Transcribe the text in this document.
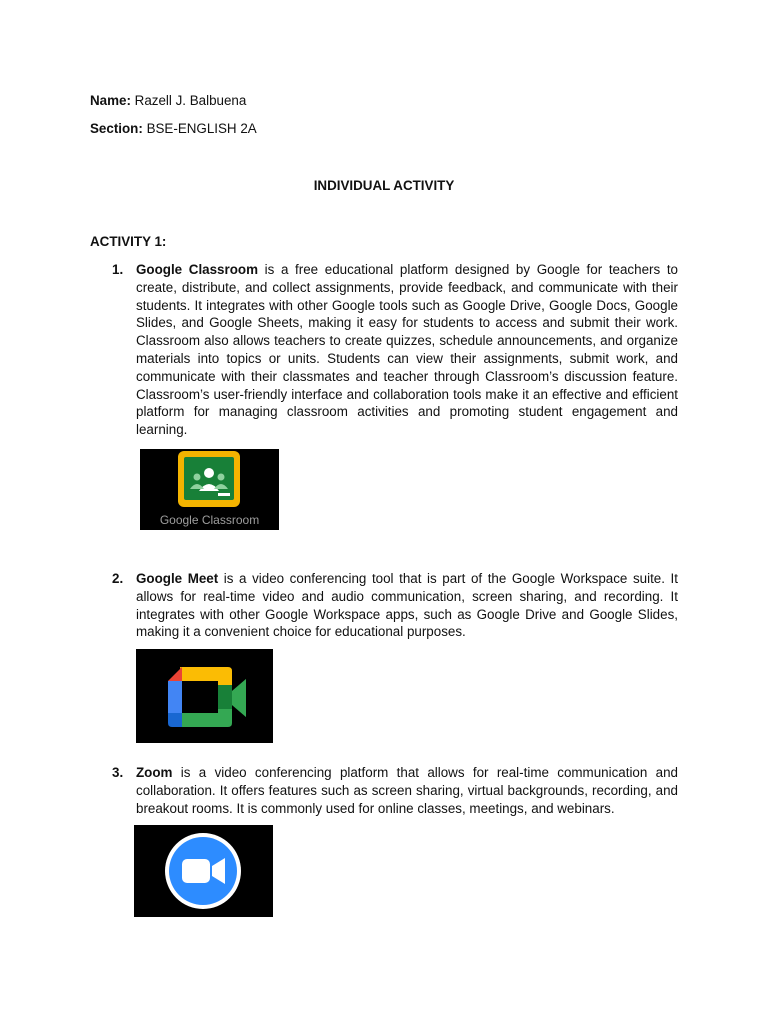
Name: Razell J. Balbuena
Section: BSE-ENGLISH 2A
INDIVIDUAL ACTIVITY
ACTIVITY 1:
1. Google Classroom is a free educational platform designed by Google for teachers to create, distribute, and collect assignments, provide feedback, and communicate with their students. It integrates with other Google tools such as Google Drive, Google Docs, Google Slides, and Google Sheets, making it easy for students to access and submit their work. Classroom also allows teachers to create quizzes, schedule announcements, and organize materials into topics or units. Students can view their assignments, submit work, and communicate with their classmates and teacher through Classroom’s discussion feature. Classroom’s user-friendly interface and collaboration tools make it an effective and efficient platform for managing classroom activities and promoting student engagement and learning.
Google Classroom
2. Google Meet is a video conferencing tool that is part of the Google Workspace suite. It allows for real-time video and audio communication, screen sharing, and recording. It integrates with other Google Workspace apps, such as Google Drive and Google Slides, making it a convenient choice for educational purposes.
3. Zoom is a video conferencing platform that allows for real-time communication and collaboration. It offers features such as screen sharing, virtual backgrounds, recording, and breakout rooms. It is commonly used for online classes, meetings, and webinars.
